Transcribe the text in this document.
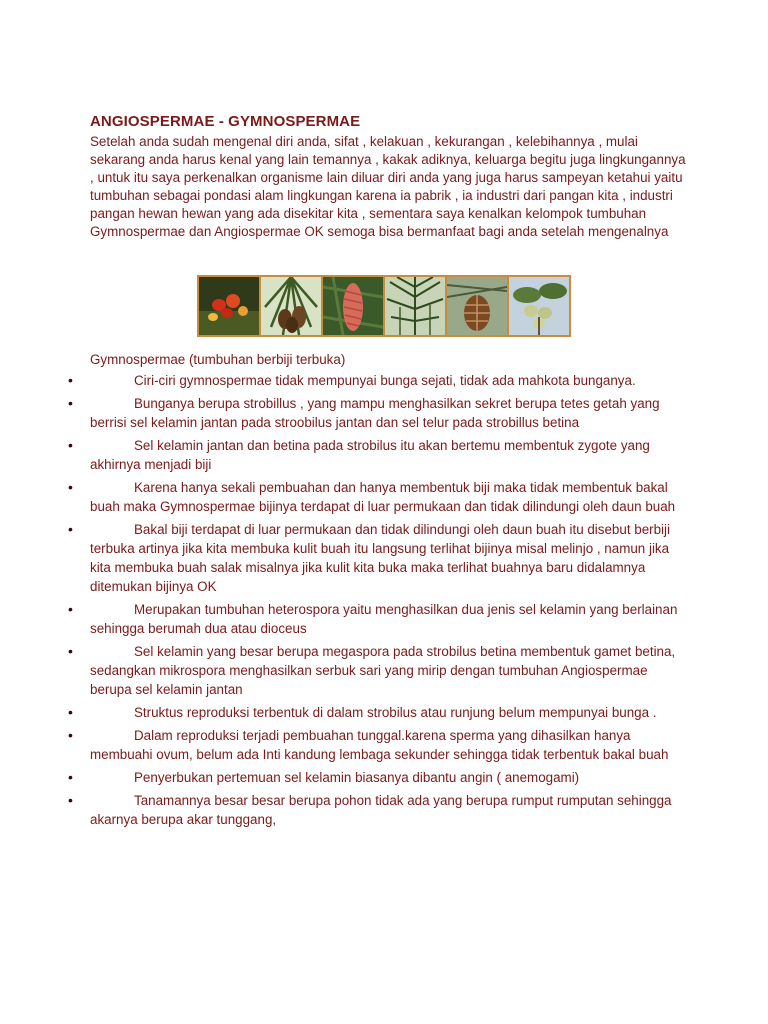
ANGIOSPERMAE - GYMNOSPERMAE
Setelah anda sudah mengenal diri anda, sifat , kelakuan , kekurangan , kelebihannya , mulai sekarang anda harus kenal yang lain temannya , kakak adiknya, keluarga begitu juga lingkungannya , untuk itu saya perkenalkan organisme lain diluar diri anda yang juga harus sampeyan ketahui yaitu tumbuhan sebagai pondasi alam lingkungan karena ia pabrik , ia industri dari pangan kita , industri pangan hewan hewan yang ada disekitar kita , sementara saya kenalkan kelompok tumbuhan Gymnospermae dan Angiospermae OK semoga bisa bermanfaat bagi anda setelah mengenalnya
Gymnospermae (tumbuhan berbiji terbuka)
•	Ciri-ciri gymnospermae tidak mempunyai bunga sejati, tidak ada mahkota bunganya.
•	Bunganya berupa strobillus , yang mampu menghasilkan sekret berupa tetes getah yang berrisi sel kelamin jantan pada stroobilus jantan dan sel telur pada strobillus betina
•	Sel kelamin jantan dan betina pada strobilus itu akan bertemu membentuk zygote yang akhirnya menjadi biji
•	Karena hanya sekali pembuahan dan hanya membentuk biji maka tidak membentuk bakal buah maka Gymnospermae bijinya terdapat di luar permukaan dan tidak dilindungi oleh daun buah
•	Bakal biji terdapat di luar permukaan dan tidak dilindungi oleh daun buah itu disebut berbiji terbuka artinya jika kita membuka kulit buah itu langsung terlihat bijinya misal melinjo , namun jika kita membuka buah salak misalnya jika kulit kita buka maka terlihat buahnya baru didalamnya ditemukan bijinya OK
•	Merupakan tumbuhan heterospora yaitu menghasilkan dua jenis sel kelamin yang berlainan sehingga berumah dua atau dioceus
•	Sel kelamin yang besar berupa megaspora pada strobilus betina membentuk gamet betina, sedangkan mikrospora menghasilkan serbuk sari yang mirip dengan tumbuhan Angiospermae berupa sel kelamin jantan
•	Struktus reproduksi terbentuk di dalam strobilus atau runjung belum mempunyai bunga .
•	Dalam reproduksi terjadi pembuahan tunggal.karena sperma yang dihasilkan hanya membuahi ovum, belum ada Inti kandung lembaga sekunder sehingga tidak terbentuk bakal buah
•	Penyerbukan pertemuan sel kelamin biasanya dibantu angin ( anemogami)
•	Tanamannya besar besar berupa pohon tidak ada yang berupa rumput rumputan sehingga akarnya berupa akar tunggang,
